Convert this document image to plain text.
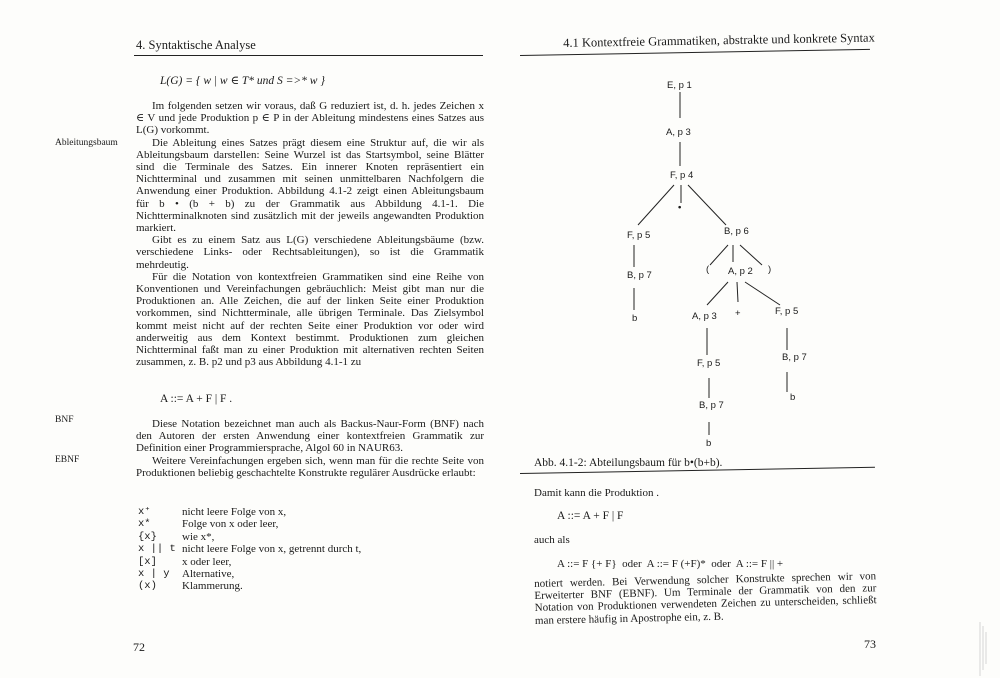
4. Syntaktische Analyse
L(G) = { w | w ∈ T* und S =>* w }
Ableitungsbaum
BNF
EBNF

Im folgenden setzen wir voraus, daß G reduziert ist, d. h. jedes Zeichen x ∈ V und jede Produktion p ∈ P in der Ableitung mindestens eines Satzes aus L(G) vorkommt.

Die Ableitung eines Satzes prägt diesem eine Struktur auf, die wir als Ableitungsbaum darstellen: Seine Wurzel ist das Startsymbol, seine Blätter sind die Terminale des Satzes. Ein innerer Knoten repräsentiert ein Nichtterminal und zusammen mit seinen unmittelbaren Nachfolgern die Anwendung einer Produktion. Abbildung 4.1-2 zeigt einen Ableitungsbaum für b • (b + b) zu der Grammatik aus Abbildung 4.1-1. Die Nichtterminalknoten sind zusätzlich mit der jeweils angewandten Produktion markiert.

Gibt es zu einem Satz aus L(G) verschiedene Ableitungsbäume (bzw. verschiedene Links- oder Rechtsableitungen), so ist die Grammatik mehrdeutig.

Für die Notation von kontextfreien Grammatiken sind eine Reihe von Konventionen und Vereinfachungen gebräuchlich: Meist gibt man nur die Produktionen an. Alle Zeichen, die auf der linken Seite einer Produktion vorkommen, sind Nichtterminale, alle übrigen Terminale. Das Zielsymbol kommt meist nicht auf der rechten Seite einer Produktion vor oder wird anderweitig aus dem Kontext bestimmt. Produktionen zum gleichen Nichtterminal faßt man zu einer Produktion mit alternativen rechten Seiten zusammen, z. B. p2 und p3 aus Abbildung 4.1-1 zu

A ::= A + F | F .

Diese Notation bezeichnet man auch als Backus-Naur-Form (BNF) nach den Autoren der ersten Anwendung einer kontextfreien Grammatik zur Definition einer Programmiersprache, Algol 60 in NAUR63.

Weitere Vereinfachungen ergeben sich, wenn man für die rechte Seite von Produktionen beliebig geschachtelte Konstrukte regulärer Ausdrücke erlaubt:

x⁺	nicht leere Folge von x,
x*	Folge von x oder leer,
{x}	wie x*,
x || t	nicht leere Folge von x, getrennt durch t,
[x]	x oder leer,
x | y	Alternative,
(x)	Klammerung.
72
4.1 Kontextfreie Grammatiken, abstrakte und konkrete Syntax
E, p 1
A, p 3
F, p 4
•
F, p 5	B, p 6
B, p 7
b
( A, p 2 )
A, p 3 +	F, p 5
F, p 5
B, p 7
B, p 7
b
b
Abb. 4.1-2: Abteilungsbaum für b•(b+b).
Damit kann die Produktion .
A ::= A + F | F
auch als
A ::= F {+ F} oder A ::= F (+F)* oder A ::= F || +

notiert werden. Bei Verwendung solcher Konstrukte sprechen wir von Erweiterter BNF (EBNF). Um Terminale der Grammatik von den zur Notation von Produktionen verwendeten Zeichen zu unterscheiden, schließt man erstere häufig in Apostrophe ein, z. B.

73
